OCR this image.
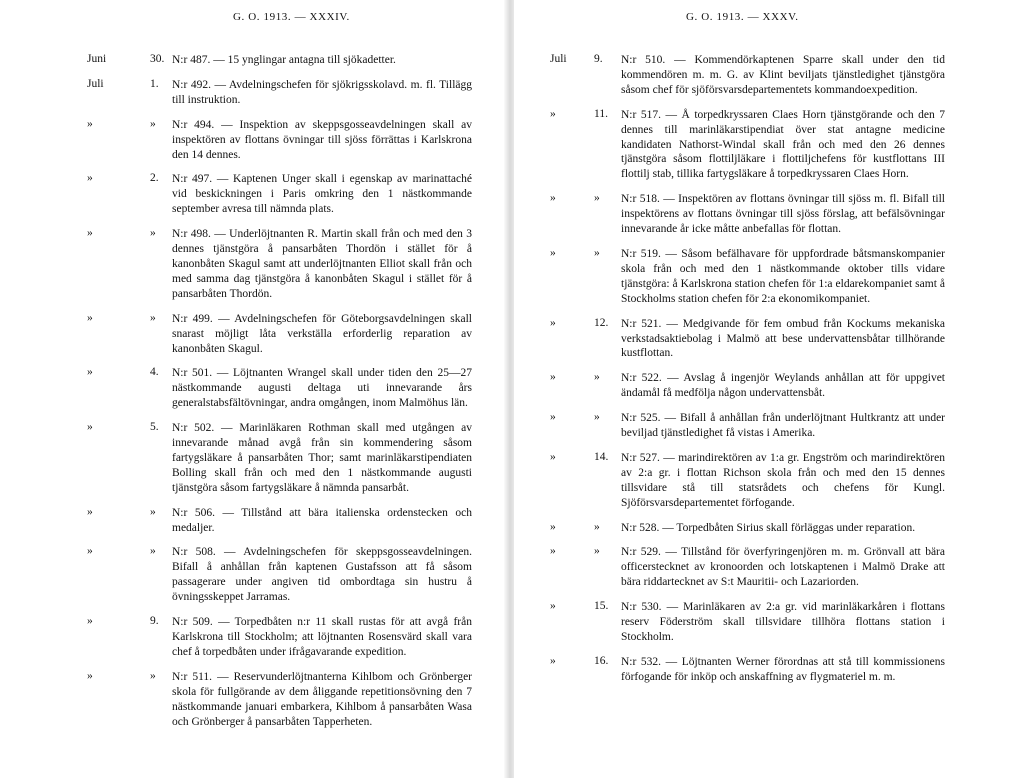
G. O. 1913. — XXXIV.
Juni	30. N:r 487. — 15 ynglingar antagna till sjökadetter.
Juli	1. N:r 492. — Avdelningschefen för sjökrigsskolavd. m. fl. Tillägg till instruktion.
»	» N:r 494. — Inspektion av skeppsgosseavdelningen skall av inspektören av flottans övningar till sjöss förrättas i Karlskrona den 14 dennes.
»	2. N:r 497. — Kaptenen Unger skall i egenskap av marinattaché vid beskickningen i Paris omkring den 1 nästkommande september avresa till nämnda plats.
»	» N:r 498. — Underlöjtnanten R. Martin skall från och med den 3 dennes tjänstgöra å pansarbåten Thordön i stället för å kanonbåten Skagul samt att underlöjtnanten Elliot skall från och med samma dag tjänstgöra å kanonbåten Skagul i stället för å pansarbåten Thordön.
»	» N:r 499. — Avdelningschefen för Göteborgsavdelningen skall snarast möjligt låta verkställa erforderlig reparation av kanonbåten Skagul.
»	4. N:r 501. — Löjtnanten Wrangel skall under tiden den 25—27 nästkommande augusti deltaga uti innevarande års generalstabsfältövningar, andra omgången, inom Malmöhus län.
»	5. N:r 502. — Marinläkaren Rothman skall med utgången av innevarande månad avgå från sin kommendering såsom fartygsläkare å pansarbåten Thor; samt marinläkarstipendiaten Bolling skall från och med den 1 nästkommande augusti tjänstgöra såsom fartygsläkare å nämnda pansarbåt.
»	» N:r 506. — Tillstånd att bära italienska ordenstecken och medaljer.
»	» N:r 508. — Avdelningschefen för skeppsgosseavdelningen. Bifall å anhållan från kaptenen Gustafsson att få såsom passagerare under angiven tid ombordtaga sin hustru å övningsskeppet Jarramas.
»	9. N:r 509. — Torpedbåten n:r 11 skall rustas för att avgå från Karlskrona till Stockholm; att löjtnanten Rosensvärd skall vara chef å torpedbåten under ifrågavarande expedition.
»	» N:r 511. — Reservunderlöjtnanterna Kihlbom och Grönberger skola för fullgörande av dem åliggande repetitionsövning den 7 nästkommande januari embarkera, Kihlbom å pansarbåten Wasa och Grönberger å pansarbåten Tapperheten.
G. O. 1913. — XXXV.
Juli 9. N:r 510. — Kommendörkaptenen Sparre skall under den tid kommendören m. m. G. av Klint beviljats tjänstledighet tjänstgöra såsom chef för sjöförsvarsdepartementets kommandoexpedition.
»	11. N:r 517. — Å torpedkryssaren Claes Horn tjänstgörande och den 7 dennes till marinläkarstipendiat över stat antagne medicine kandidaten Nathorst-Windal skall från och med den 26 dennes tjänstgöra såsom flottiljläkare i flottiljchefens för kustflottans III flottilj stab, tillika fartygsläkare å torpedkryssaren Claes Horn.
»	» N:r 518. — Inspektören av flottans övningar till sjöss m. fl. Bifall till inspektörens av flottans övningar till sjöss förslag, att befälsövningar innevarande år icke måtte anbefallas för flottan.
»	» N:r 519. — Såsom befälhavare för uppfordrade båtsmanskompanier skola från och med den 1 nästkommande oktober tills vidare tjänstgöra: å Karlskrona station chefen för 1:a eldarekompaniet samt å Stockholms station chefen för 2:a ekonomikompaniet.
»	12. N:r 521. — Medgivande för fem ombud från Kockums mekaniska verkstadsaktiebolag i Malmö att bese undervattensbåtar tillhörande kustflottan.
»	» N:r 522. — Avslag å ingenjör Weylands anhållan att för uppgivet ändamål få medfölja någon undervattensbåt.
»	» N:r 525. — Bifall å anhållan från underlöjtnant Hultkrantz att under beviljad tjänstledighet få vistas i Amerika.
»	14. N:r 527. — marindirektören av 1:a gr. Engström och marindirektören av 2:a gr. i flottan Richson skola från och med den 15 dennes tillsvidare stå till statsrådets och chefens för Kungl. Sjöförsvarsdepartementet förfogande.
»	» N:r 528. — Torpedbåten Sirius skall förläggas under reparation.
»	» N:r 529. — Tillstånd för överfyringenjören m. m. Grönvall att bära officerstecknet av kronoorden och lotskaptenen i Malmö Drake att bära riddartecknet av S:t Mauritii- och Lazariorden.
»	15. N:r 530. — Marinläkaren av 2:a gr. vid marinläkarkåren i flottans reserv Föderström skall tillsvidare tillhöra flottans station i Stockholm.
»	16. N:r 532. — Löjtnanten Werner förordnas att stå till kommissionens förfogande för inköp och anskaffning av flygmateriel m. m.
